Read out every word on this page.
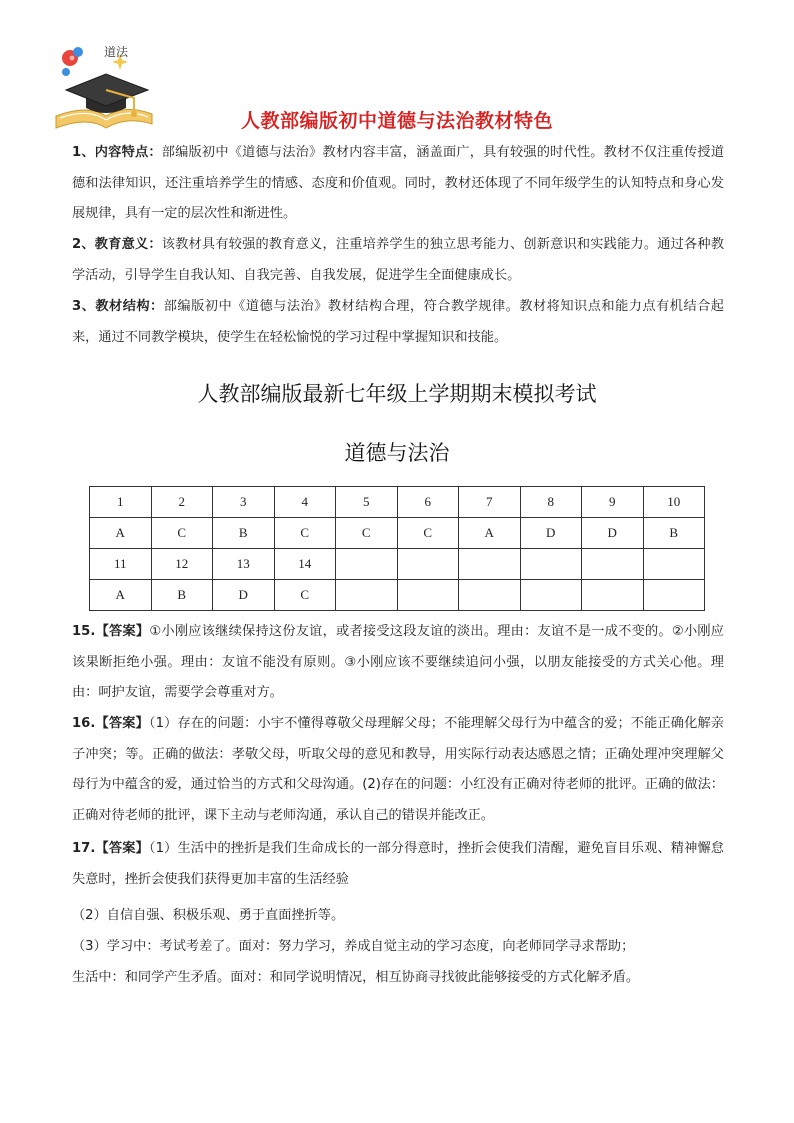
道法
人教部编版初中道德与法治教材特色
1、内容特点：部编版初中《道德与法治》教材内容丰富，涵盖面广，具有较强的时代性。教材不仅注重传授道德和法律知识，还注重培养学生的情感、态度和价值观。同时，教材还体现了不同年级学生的认知特点和身心发展规律，具有一定的层次性和渐进性。
2、教育意义：该教材具有较强的教育意义，注重培养学生的独立思考能力、创新意识和实践能力。通过各种教学活动，引导学生自我认知、自我完善、自我发展，促进学生全面健康成长。
3、教材结构：部编版初中《道德与法治》教材结构合理，符合教学规律。教材将知识点和能力点有机结合起来，通过不同教学模块，使学生在轻松愉悦的学习过程中掌握知识和技能。
人教部编版最新七年级上学期期末模拟考试
道德与法治
1	2	3	4	5	6	7	8	9	10
A	C	B	C	C	C	A	D	D	B
11	12	13	14						
A	B	D	C						
15.【答案】①小刚应该继续保持这份友谊，或者接受这段友谊的淡出。理由：友谊不是一成不变的。②小刚应该果断拒绝小强。理由：友谊不能没有原则。③小刚应该不要继续追问小强，以朋友能接受的方式关心他。理由：呵护友谊，需要学会尊重对方。
16.【答案】（1）存在的问题：小宇不懂得尊敬父母理解父母；不能理解父母行为中蕴含的爱；不能正确化解亲子冲突；等。正确的做法：孝敬父母，听取父母的意见和教导，用实际行动表达感恩之情；正确处理冲突理解父母行为中蕴含的爱，通过恰当的方式和父母沟通。(2)存在的问题：小红没有正确对待老师的批评。正确的做法：正确对待老师的批评，课下主动与老师沟通，承认自己的错误并能改正。
17.【答案】（1）生活中的挫折是我们生命成长的一部分得意时，挫折会使我们清醒，避免盲目乐观、精神懈怠失意时，挫折会使我们获得更加丰富的生活经验
（2）自信自强、积极乐观、勇于直面挫折等。
（3）学习中：考试考差了。面对：努力学习，养成自觉主动的学习态度，向老师同学寻求帮助；
生活中：和同学产生矛盾。面对：和同学说明情况，相互协商寻找彼此能够接受的方式化解矛盾。
